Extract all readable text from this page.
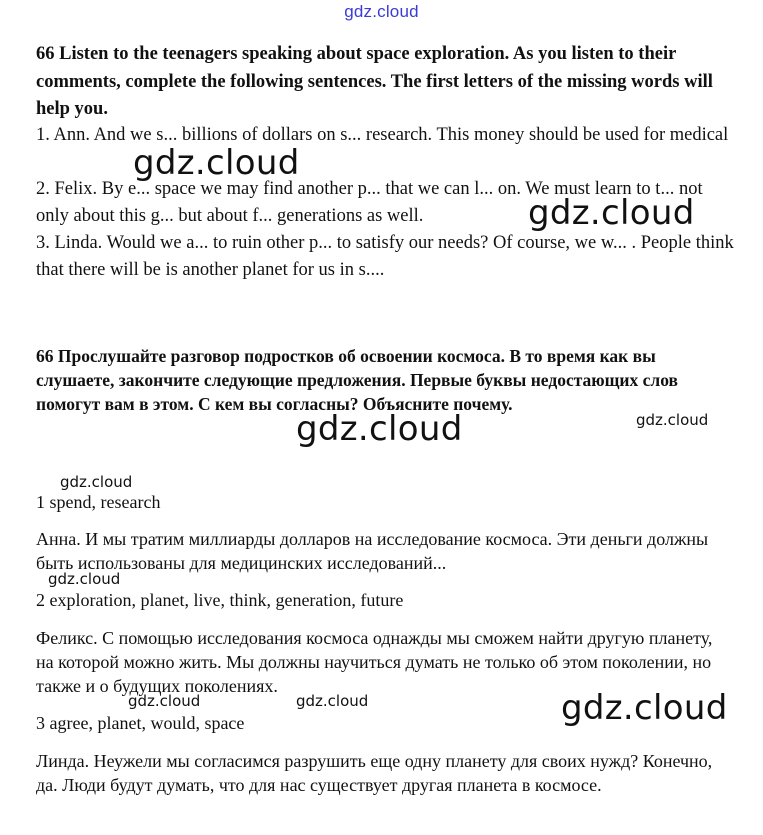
gdz.cloud
66 Listen to the teenagers speaking about space exploration. As you listen to their comments, complete the following sentences. The first letters of the missing words will help you.
1. Ann. And we s... billions of dollars on s... research. This money should be used for medical
2. Felix. By e... space we may find another p... that we can l... on. We must learn to t... not only about this g... but about f... generations as well.
3. Linda. Would we a... to ruin other p... to satisfy our needs? Of course, we w... . People think that there will be is another planet for us in s....
66 Прослушайте разговор подростков об освоении космоса. В то время как вы слушаете, закончите следующие предложения. Первые буквы недостающих слов помогут вам в этом. С кем вы согласны? Объясните почему.
1 spend, research
Анна. И мы тратим миллиарды долларов на исследование космоса. Эти деньги должны быть использованы для медицинских исследований...
2 exploration, planet, live, think, generation, future
Феликс. С помощью исследования космоса однажды мы сможем найти другую планету, на которой можно жить. Мы должны научиться думать не только об этом поколении, но также и о будущих поколениях.
3 agree, planet, would, space
Линда. Неужели мы согласимся разрушить еще одну планету для своих нужд? Конечно, да. Люди будут думать, что для нас существует другая планета в космосе.
gdz.cloud
gdz.cloud
gdz.cloud	gdz.cloud
gdz.cloud
gdz.cloud
gdz.cloud	gdz.cloud	gdz.cloud
